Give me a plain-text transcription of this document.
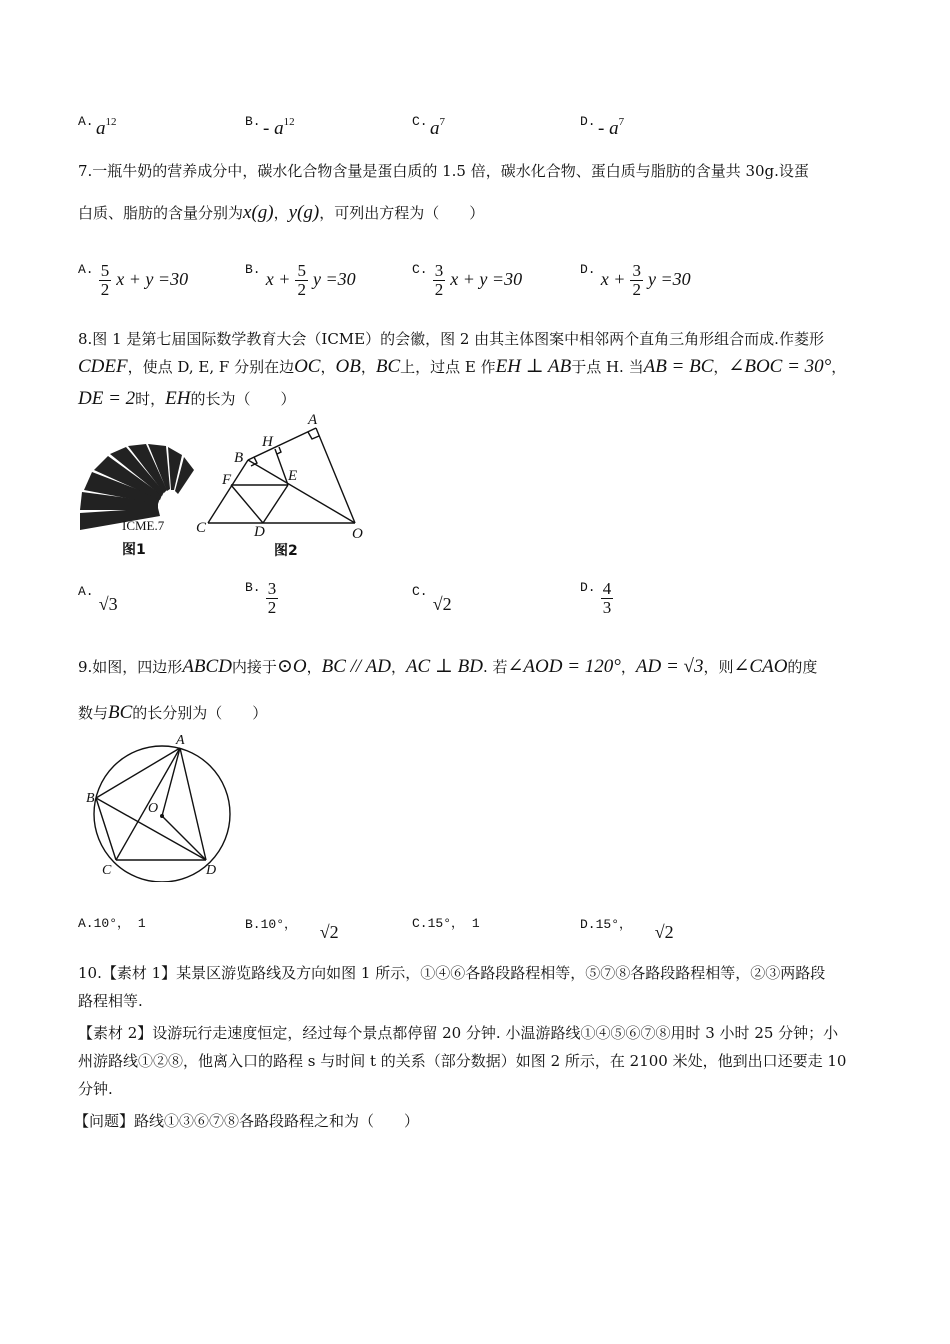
A. $a^{12}$	B. - $a^{12}$	C. $a^7$	D. - $a^7$
7.一瓶牛奶的营养成分中，碳水化合物含量是蛋白质的 1.5 倍，碳水化合物、蛋白质与脂肪的含量共 30g.设蛋
白质、脂肪的含量分别为x(g)，y(g)，可列出方程为（　　）
$^{A.} \frac{5}{2}$ x + y =30	$^{B.}$ $x + \frac{5}{2}$ y =30	$^{C.} \frac{3}{2}$ x + y =30	$^{D.}$ $x + \frac{3}{2}$ y =30
8.图 1 是第七届国际数学教育大会（ICME）的会徽，图 2 由其主体图案中相邻两个直角三角形组合而成.作菱形
CDEF，使点 D, E, F 分别在边OC，OB，BC上，过点 E 作EH ⊥ AB于点 H. 当AB = BC，∠BOC = 30°，
DE = 2时，EH的长为（　　）
ICME.7
图1
A
B
C	D
E
F
H
O
图2
$^{A.}$ √3
$^{B.} \frac{3}{2}$	$^{C.}$ √2
$^{D.} \frac{4}{3}$
9.如图，四边形ABCD内接于⊙O，BC // AD，AC ⊥ BD. 若∠AOD = 120°，AD = √3，则∠CAO的度
数与BC的长分别为（　　）
A
B
C	D
O
A.10°， 1	B.10°， √2	C.15°， 1	D.15°， √2
10.【素材 1】某景区游览路线及方向如图 1 所示，①④⑥各路段路程相等，⑤⑦⑧各路段路程相等，②③两路段
路程相等.
【素材 2】设游玩行走速度恒定，经过每个景点都停留 20 分钟. 小温游路线①④⑤⑥⑦⑧用时 3 小时 25 分钟；小
州游路线①②⑧，他离入口的路程 s 与时间 t 的关系（部分数据）如图 2 所示，在 2100 米处，他到出口还要走 10
分钟.
【问题】路线①③⑥⑦⑧各路段路程之和为（　　）
